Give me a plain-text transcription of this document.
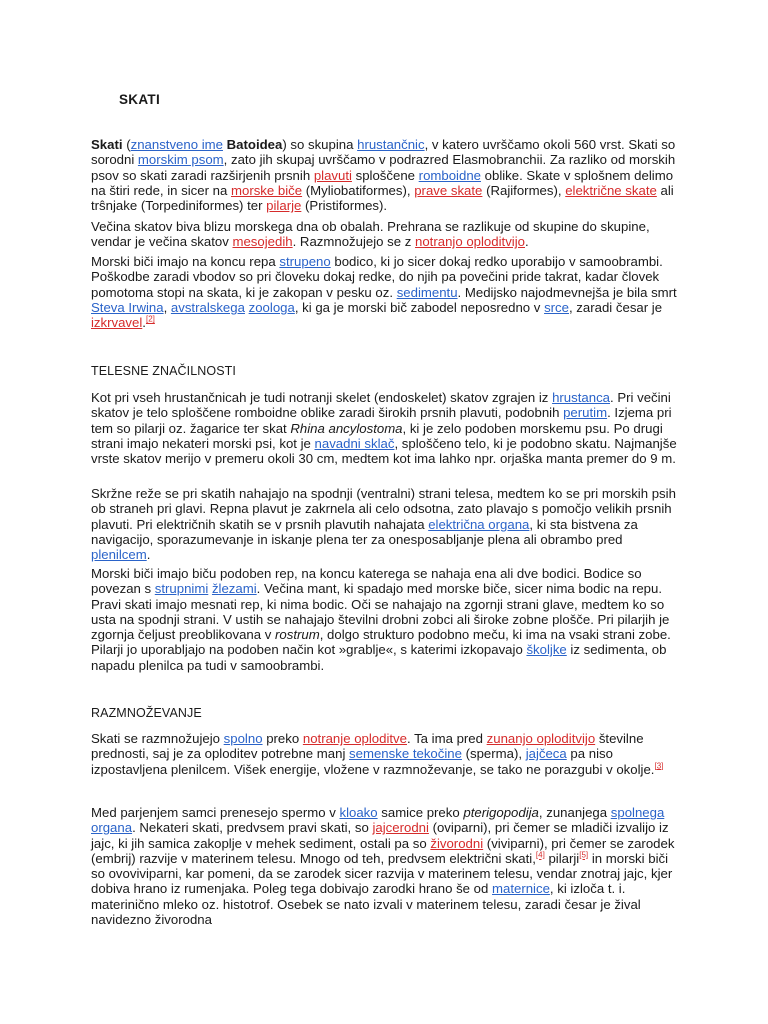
SKATI

Skati (znanstveno ime Batoidea) so skupina hrustančnic, v katero uvrščamo okoli 560 vrst. Skati so sorodni morskim psom, zato jih skupaj uvrščamo v podrazred Elasmobranchii. Za razliko od morskih psov so skati zaradi razširjenih prsnih plavuti sploščene romboidne oblike. Skate v splošnem delimo na štiri rede, in sicer na morske biče (Myliobatiformes), prave skate (Rajiformes), električne skate ali trŝnjake (Torpediniformes) ter pilarje (Pristiformes).

Večina skatov biva blizu morskega dna ob obalah. Prehrana se razlikuje od skupine do skupine, vendar je večina skatov mesojedih. Razmnožujejo se z notranjo oploditvijo.

Morski biči imajo na koncu repa strupeno bodico, ki jo sicer dokaj redko uporabijo v samoobrambi. Poškodbe zaradi vbodov so pri človeku dokaj redke, do njih pa povečini pride takrat, kadar človek pomotoma stopi na skata, ki je zakopan v pesku oz. sedimentu. Medijsko najodmevnejša je bila smrt Steva Irwina, avstralskega zoologa, ki ga je morski bič zabodel neposredno v srce, zaradi česar je izkrvavel.[2]

TELESNE ZNAČILNOSTI

Kot pri vseh hrustančnicah je tudi notranji skelet (endoskelet) skatov zgrajen iz hrustanca. Pri večini skatov je telo sploščene romboidne oblike zaradi širokih prsnih plavuti, podobnih perutim. Izjema pri tem so pilarji oz. žagarice ter skat Rhina ancylostoma, ki je zelo podoben morskemu psu. Po drugi strani imajo nekateri morski psi, kot je navadni sklač, sploščeno telo, ki je podobno skatu. Najmanjše vrste skatov merijo v premeru okoli 30 cm, medtem kot ima lahko npr. orjaška manta premer do 9 m.

Skržne reže se pri skatih nahajajo na spodnji (ventralni) strani telesa, medtem ko se pri morskih psih ob straneh pri glavi. Repna plavut je zakrnela ali celo odsotna, zato plavajo s pomočjo velikih prsnih plavuti. Pri električnih skatih se v prsnih plavutih nahajata električna organa, ki sta bistvena za navigacijo, sporazumevanje in iskanje plena ter za onesposabljanje plena ali obrambo pred plenilcem.

Morski biči imajo biču podoben rep, na koncu katerega se nahaja ena ali dve bodici. Bodice so povezan s strupnimi žlezami. Večina mant, ki spadajo med morske biče, sicer nima bodic na repu. Pravi skati imajo mesnati rep, ki nima bodic. Oči se nahajajo na zgornji strani glave, medtem ko so usta na spodnji strani. V ustih se nahajajo številni drobni zobci ali široke zobne plošče. Pri pilarjih je zgornja čeljust preoblikovana v rostrum, dolgo strukturo podobno meču, ki ima na vsaki strani zobe. Pilarji jo uporabljajo na podoben način kot »grablje«, s katerimi izkopavajo školjke iz sedimenta, ob napadu plenilca pa tudi v samoobrambi.

RAZMNOŽEVANJE

Skati se razmnožujejo spolno preko notranje oploditve. Ta ima pred zunanjo oploditvijo številne prednosti, saj je za oploditev potrebne manj semenske tekočine (sperma), jajčeca pa niso izpostavljena plenilcem. Višek energije, vložene v razmnoževanje, se tako ne porazgubi v okolje.[3]

Med parjenjem samci prenesejo spermo v kloako samice preko pterigopodija, zunanjega spolnega organa. Nekateri skati, predvsem pravi skati, so jajcerodni (oviparni), pri čemer se mladiči izvalijo iz jajc, ki jih samica zakoplje v mehek sediment, ostali pa so živorodni (viviparni), pri čemer se zarodek (embrij) razvije v materinem telesu. Mnogo od teh, predvsem električni skati,[4] pilarji[5] in morski biči so ovoviviparni, kar pomeni, da se zarodek sicer razvija v materinem telesu, vendar znotraj jajc, kjer dobiva hrano iz rumenjaka. Poleg tega dobivajo zarodki hrano še od maternice, ki izloča t. i. materinično mleko oz. histotrof. Osebek se nato izvali v materinem telesu, zaradi česar je žival navidezno živorodna
